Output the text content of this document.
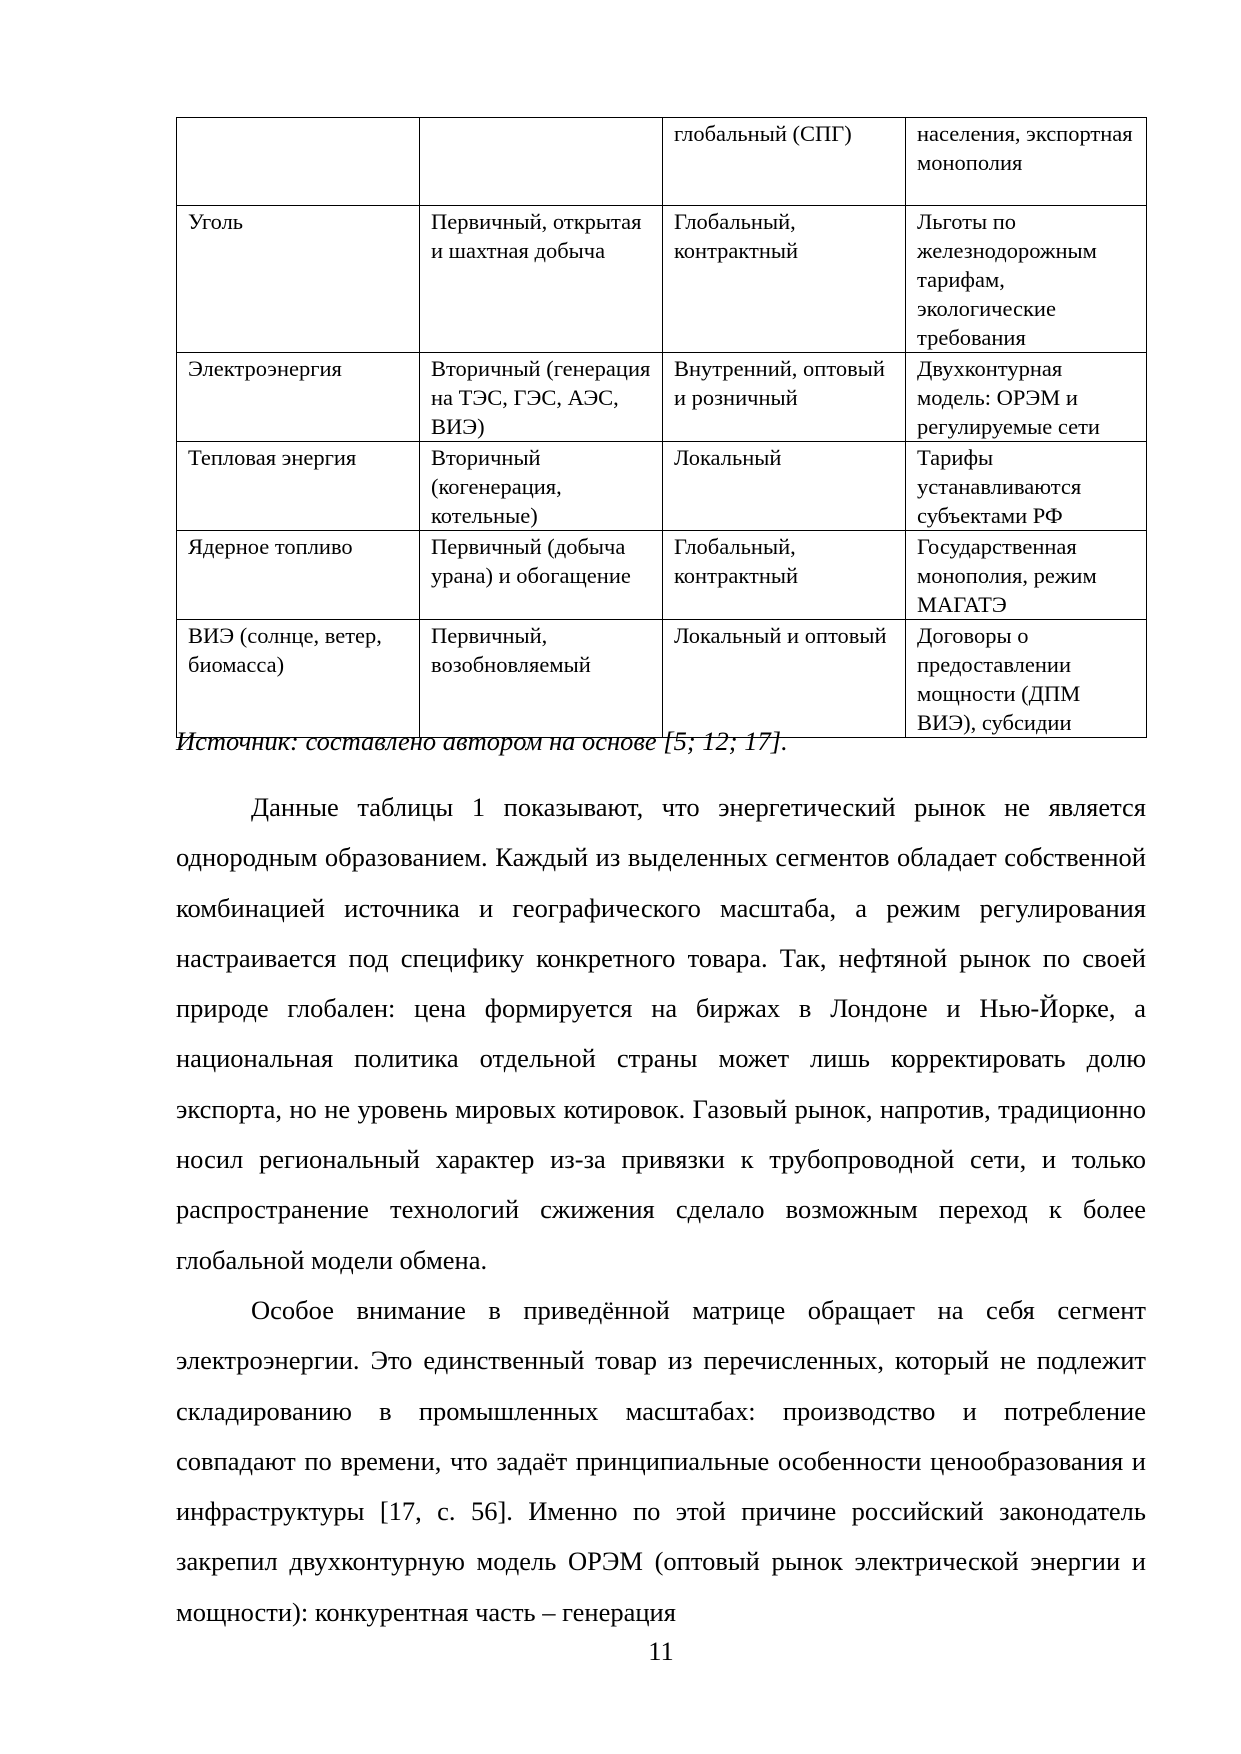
		глобальный (СПГ)	населения, экспортная монополия
Уголь	Первичный, открытая и шахтная добыча	Глобальный, контрактный	Льготы по железнодорожным тарифам, экологические требования
Электроэнергия	Вторичный (генерация на ТЭС, ГЭС, АЭС, ВИЭ)	Внутренний, оптовый и розничный	Двухконтурная модель: ОРЭМ и регулируемые сети
Тепловая энергия	Вторичный (когенерация, котельные)	Локальный	Тарифы устанавливаются субъектами РФ
Ядерное топливо	Первичный (добыча урана) и обогащение	Глобальный, контрактный	Государственная монополия, режим МАГАТЭ
ВИЭ (солнце, ветер, биомасса)	Первичный, возобновляемый	Локальный и оптовый	Договоры о предоставлении мощности (ДПМ ВИЭ), субсидии
Источник: составлено автором на основе [5; 12; 17].

Данные таблицы 1 показывают, что энергетический рынок не является однородным образованием. Каждый из выделенных сегментов обладает собственной комбинацией источника и географического масштаба, а режим регулирования настраивается под специфику конкретного товара. Так, нефтяной рынок по своей природе глобален: цена формируется на биржах в Лондоне и Нью-Йорке, а национальная политика отдельной страны может лишь корректировать долю экспорта, но не уровень мировых котировок. Газовый рынок, напротив, традиционно носил региональный характер из-за привязки к трубопроводной сети, и только распространение технологий сжижения сделало возможным переход к более глобальной модели обмена.

Особое внимание в приведённой матрице обращает на себя сегмент электроэнергии. Это единственный товар из перечисленных, который не подлежит складированию в промышленных масштабах: производство и потребление совпадают по времени, что задаёт принципиальные особенности ценообразования и инфраструктуры [17, с. 56]. Именно по этой причине российский законодатель закрепил двухконтурную модель ОРЭМ (оптовый рынок электрической энергии и мощности): конкурентная часть – генерация

11
